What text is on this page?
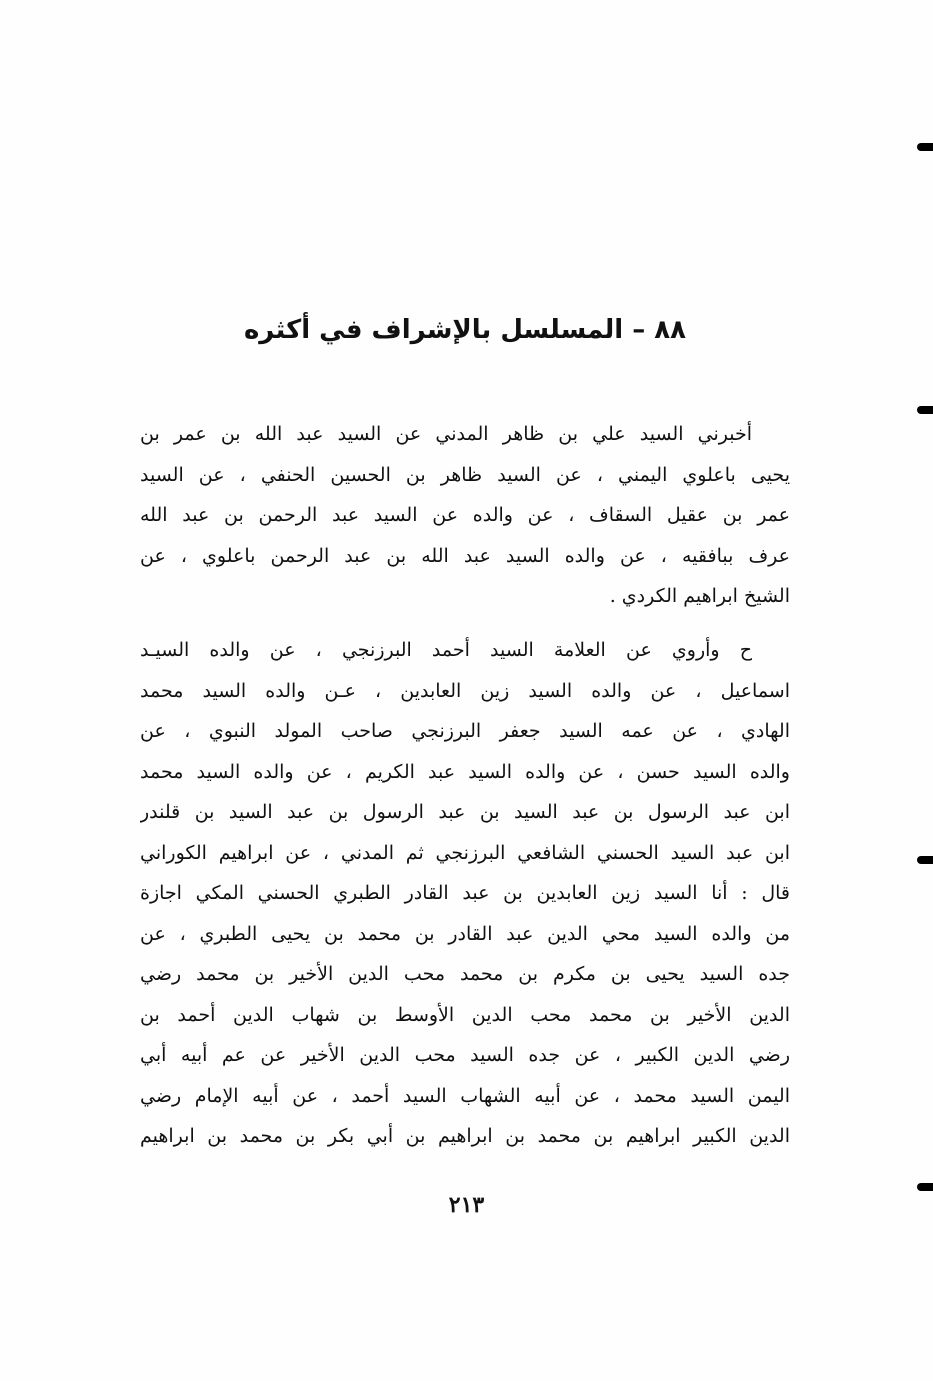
٨٨ – المسلسل بالإشراف في أكثره

أخبرني السيد علي بن ظاهر المدني عن السيد عبد الله بن عمر بن
يحيى باعلوي اليمني ، عن السيد ظاهر بن الحسين الحنفي ، عن السيد
عمر بن عقيل السقاف ، عن والده عن السيد عبد الرحمن بن عبد الله
عرف ببافقيه ، عن والده السيد عبد الله بن عبد الرحمن باعلوي ، عن
الشيخ ابراهيم الكردي .

ح وأروي عن العلامة السيد أحمد البرزنجي ، عن والده السيـد
اسماعيل ، عن والده السيد زين العابدين ، عـن والده السيد محمد
الهادي ، عن عمه السيد جعفر البرزنجي صاحب المولد النبوي ، عن
والده السيد حسن ، عن والده السيد عبد الكريم ، عن والده السيد محمد
ابن عبد الرسول بن عبد السيد بن عبد الرسول بن عبد السيد بن قلندر
ابن عبد السيد الحسني الشافعي البرزنجي ثم المدني ، عن ابراهيم الكوراني
قال : أنا السيد زين العابدين بن عبد القادر الطبري الحسني المكي اجازة
من والده السيد محي الدين عبد القادر بن محمد بن يحيى الطبري ، عن
جده السيد يحيى بن مكرم بن محمد محب الدين الأخير بن محمد رضي
الدين الأخير بن محمد محب الدين الأوسط بن شهاب الدين أحمد بن
رضي الدين الكبير ، عن جده السيد محب الدين الأخير عن عم أبيه أبي
اليمن السيد محمد ، عن أبيه الشهاب السيد أحمد ، عن أبيه الإمام رضي
الدين الكبير ابراهيم بن محمد بن ابراهيم بن أبي بكر بن محمد بن ابراهيم

٢١٣
